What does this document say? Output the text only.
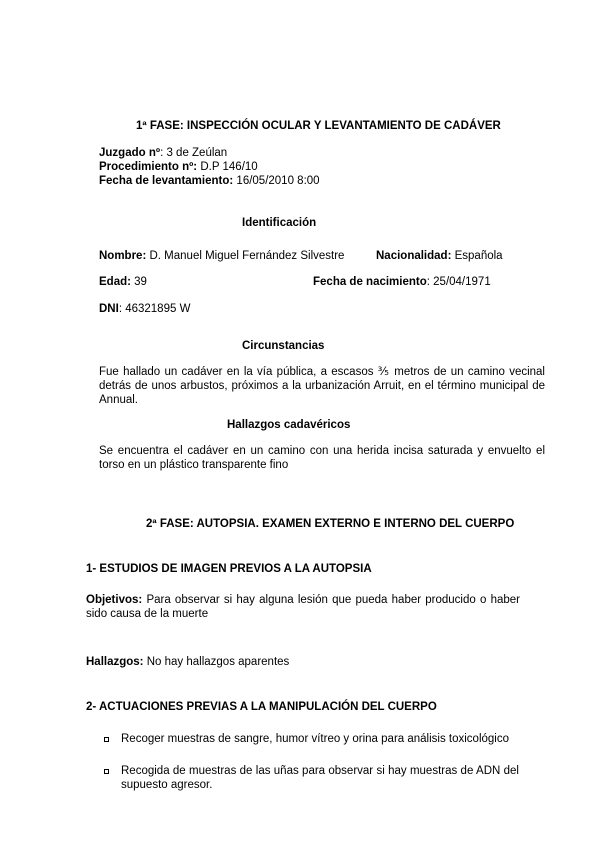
1ª FASE: INSPECCIÓN OCULAR Y LEVANTAMIENTO DE CADÁVER
Juzgado nº: 3 de Zeúlan
Procedimiento nº: D.P 146/10
Fecha de levantamiento: 16/05/2010 8:00
Identificación
Nombre: D. Manuel Miguel Fernández Silvestre	Nacionalidad: Española
Edad: 39	Fecha de nacimiento: 25/04/1971
DNI: 46321895 W
Circunstancias
Fue hallado un cadáver en la vía pública, a escasos ⅗ metros de un camino vecinal detrás de unos arbustos, próximos a la urbanización Arruit, en el término municipal de Annual.
Hallazgos cadavéricos
Se encuentra el cadáver en un camino con una herida incisa saturada y envuelto el torso en un plástico transparente fino
2ª FASE: AUTOPSIA. EXAMEN EXTERNO E INTERNO DEL CUERPO
1- ESTUDIOS DE IMAGEN PREVIOS A LA AUTOPSIA
Objetivos: Para observar si hay alguna lesión que pueda haber producido o haber sido causa de la muerte
Hallazgos: No hay hallazgos aparentes
2- ACTUACIONES PREVIAS A LA MANIPULACIÓN DEL CUERPO
Recoger muestras de sangre, humor vítreo y orina para análisis toxicológico
Recogida de muestras de las uñas para observar si hay muestras de ADN del supuesto agresor.
